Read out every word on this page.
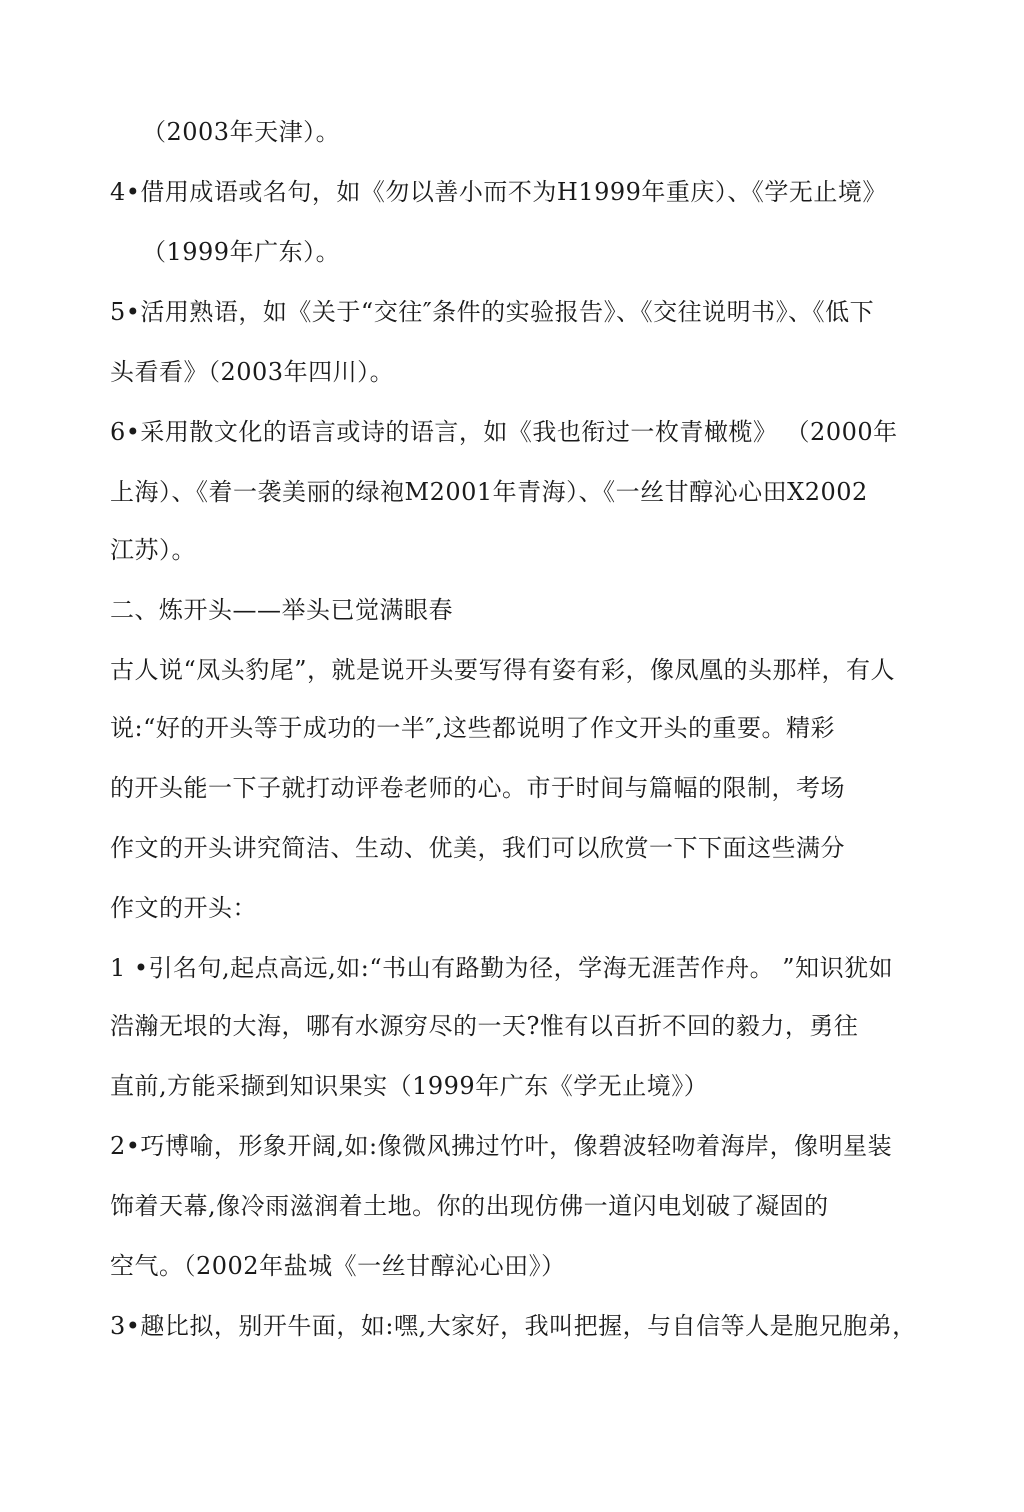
（2003年天津）。
4•借用成语或名句，如《勿以善小而不为H1999年重庆）、《学无止境》
（1999年广东）。
5•活用熟语，如《关于“交往″条件的实验报告》、《交往说明书》、《低下
头看看》（2003年四川）。
6•采用散文化的语言或诗的语言，如《我也衔过一枚青橄榄》 （2000年
上海）、《着一袭美丽的绿袍M2001年青海）、《一丝甘醇沁心田X2002
江苏）。
二、炼开头——举头已觉满眼春
古人说“凤头豹尾”，就是说开头要写得有姿有彩，像凤凰的头那样，有人
说:“好的开头等于成功的一半″,这些都说明了作文开头的重要。精彩
的开头能一下子就打动评卷老师的心。市于时间与篇幅的限制，考场
作文的开头讲究简洁、生动、优美，我们可以欣赏一下下面这些满分
作文的开头：
1 •引名句,起点高远,如:“书山有路勤为径，学海无涯苦作舟。 ”知识犹如
浩瀚无垠的大海，哪有水源穷尽的一天?惟有以百折不回的毅力，勇往
直前,方能采撷到知识果实（1999年广东《学无止境》）
2•巧博喻，形象开阔,如:像微风拂过竹叶，像碧波轻吻着海岸，像明星装
饰着天幕,像冷雨滋润着土地。你的出现仿佛一道闪电划破了凝固的
空气。（2002年盐城《一丝甘醇沁心田》）
3•趣比拟，别开牛面，如:嘿,大家好，我叫把握，与自信等人是胞兄胞弟，
